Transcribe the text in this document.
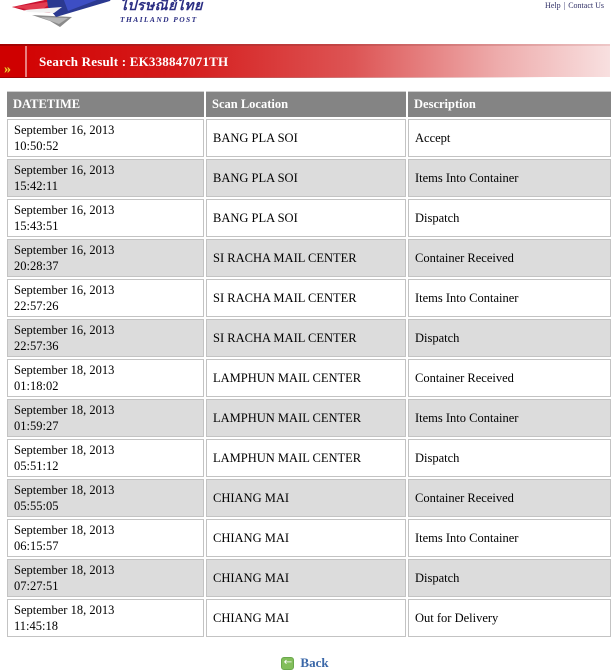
ไปรษณีย์ไทย
THAILAND POST
Help | Contact Us
»
Search Result : EK338847071TH
DATETIME	Scan Location	Description

September 16, 2013
10:50:52	BANG PLA SOI	Accept

September 16, 2013
15:42:11	BANG PLA SOI	Items Into Container

September 16, 2013
15:43:51	BANG PLA SOI	Dispatch

September 16, 2013
20:28:37	SI RACHA MAIL CENTER	Container Received

September 16, 2013
22:57:26	SI RACHA MAIL CENTER	Items Into Container

September 16, 2013
22:57:36	SI RACHA MAIL CENTER	Dispatch

September 18, 2013
01:18:02	LAMPHUN MAIL CENTER	Container Received

September 18, 2013
01:59:27	LAMPHUN MAIL CENTER	Items Into Container

September 18, 2013
05:51:12	LAMPHUN MAIL CENTER	Dispatch

September 18, 2013
05:55:05	CHIANG MAI	Container Received

September 18, 2013
06:15:57	CHIANG MAI	Items Into Container

September 18, 2013
07:27:51	CHIANG MAI	Dispatch

September 18, 2013
11:45:18	CHIANG MAI	Out for Delivery
← Back
